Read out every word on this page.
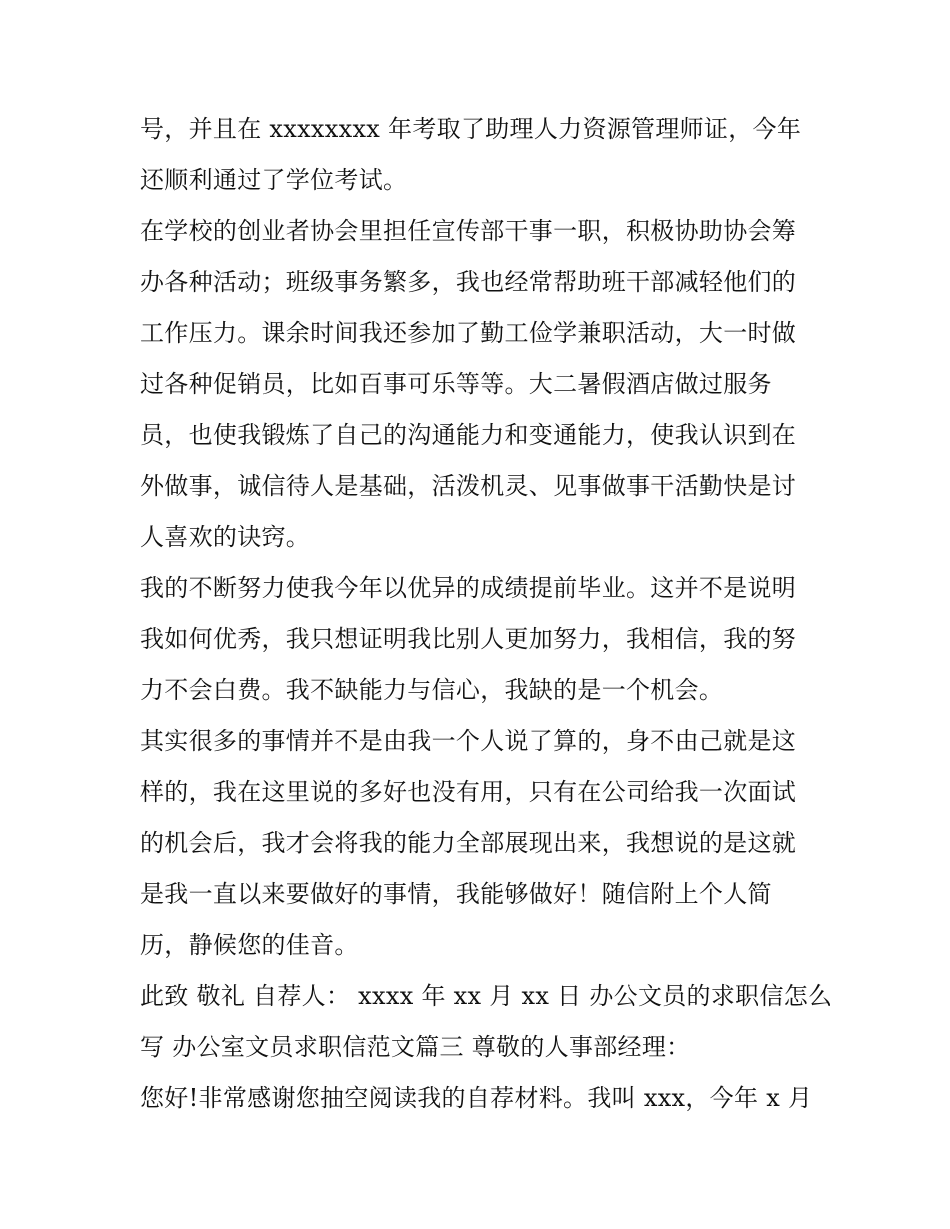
号，并且在 xxxxxxxx 年考取了助理人力资源管理师证，今年
还顺利通过了学位考试。
在学校的创业者协会里担任宣传部干事一职，积极协助协会筹
办各种活动；班级事务繁多，我也经常帮助班干部减轻他们的
工作压力。课余时间我还参加了勤工俭学兼职活动，大一时做
过各种促销员，比如百事可乐等等。大二暑假酒店做过服务
员，也使我锻炼了自己的沟通能力和变通能力，使我认识到在
外做事，诚信待人是基础，活泼机灵、见事做事干活勤快是讨
人喜欢的诀窍。
我的不断努力使我今年以优异的成绩提前毕业。这并不是说明
我如何优秀，我只想证明我比别人更加努力，我相信，我的努
力不会白费。我不缺能力与信心，我缺的是一个机会。
其实很多的事情并不是由我一个人说了算的，身不由己就是这
样的，我在这里说的多好也没有用，只有在公司给我一次面试
的机会后，我才会将我的能力全部展现出来，我想说的是这就
是我一直以来要做好的事情，我能够做好！随信附上个人简
历，静候您的佳音。
此致 敬礼 自荐人： xxxx 年 xx 月 xx 日 办公文员的求职信怎么
写 办公室文员求职信范文篇三 尊敬的人事部经理：
您好!非常感谢您抽空阅读我的自荐材料。我叫 xxx，今年 x 月
